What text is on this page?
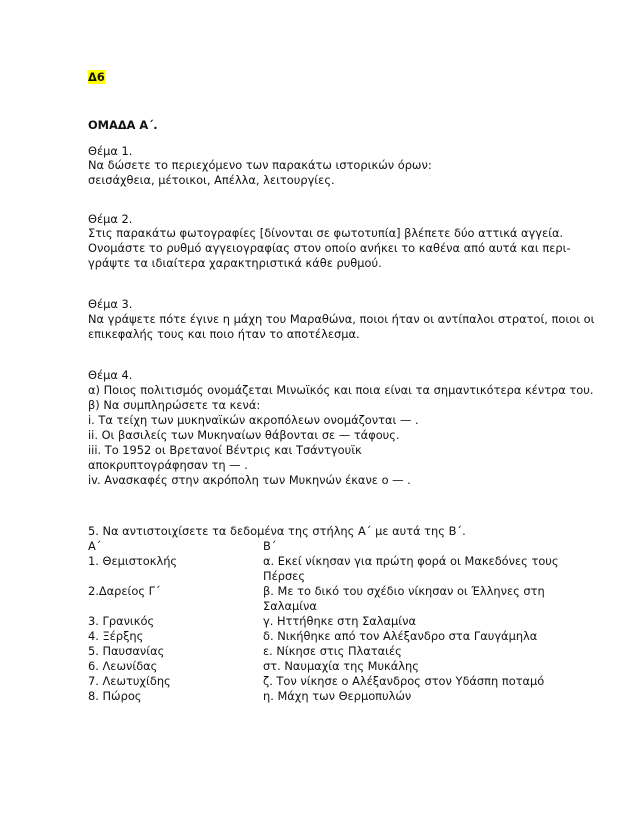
Δ6
ΟΜΑΔΑ Α΄.
Θέμα 1.
Να δώσετε το περιεχόμενο των παρακάτω ιστορικών όρων:
σεισάχθεια, μέτοικοι, Απέλλα, λειτουργίες.
Θέμα 2.
Στις παρακάτω φωτογραφίες [δίνονται σε φωτοτυπία] βλέπετε δύο αττικά αγγεία.
Ονομάστε το ρυθμό αγγειογραφίας στον οποίο ανήκει το καθένα από αυτά και περι-
γράψτε τα ιδιαίτερα χαρακτηριστικά κάθε ρυθμού.
Θέμα 3.
Να γράψετε πότε έγινε η μάχη του Μαραθώνα, ποιοι ήταν οι αντίπαλοι στρατοί, ποιοι οι
επικεφαλής τους και ποιο ήταν το αποτέλεσμα.
Θέμα 4.
α) Ποιος πολιτισμός ονομάζεται Μινωϊκός και ποια είναι τα σημαντικότερα κέντρα του.
β) Να συμπληρώσετε τα κενά:
i. Τα τείχη των μυκηναϊκών ακροπόλεων ονομάζονται — .
ii. Οι βασιλείς των Μυκηναίων θάβονται σε — τάφους.
iii. Το 1952 οι Βρετανοί Βέντρις και Τσάντγουϊκ
αποκρυπτογράφησαν τη — .
iv. Ανασκαφές στην ακρόπολη των Μυκηνών έκανε ο — .
5. Να αντιστοιχίσετε τα δεδομένα της στήλης Α΄ με αυτά της Β΄.
Α΄	Β΄
1. Θεμιστοκλής	α. Εκεί νίκησαν για πρώτη φορά οι Μακεδόνες τους
Πέρσες
2.Δαρείος Γ΄	β. Με το δικό του σχέδιο νίκησαν οι Έλληνες στη
Σαλαμίνα
3. Γρανικός	γ. Ηττήθηκε στη Σαλαμίνα
4. Ξέρξης	δ. Νικήθηκε από τον Αλέξανδρο στα Γαυγάμηλα
5. Παυσανίας	ε. Νίκησε στις Πλαταιές
6. Λεωνίδας	στ. Ναυμαχία της Μυκάλης
7. Λεωτυχίδης	ζ. Τον νίκησε ο Αλέξανδρος στον Υδάσπη ποταμό
8. Πώρος	η. Μάχη των Θερμοπυλών
